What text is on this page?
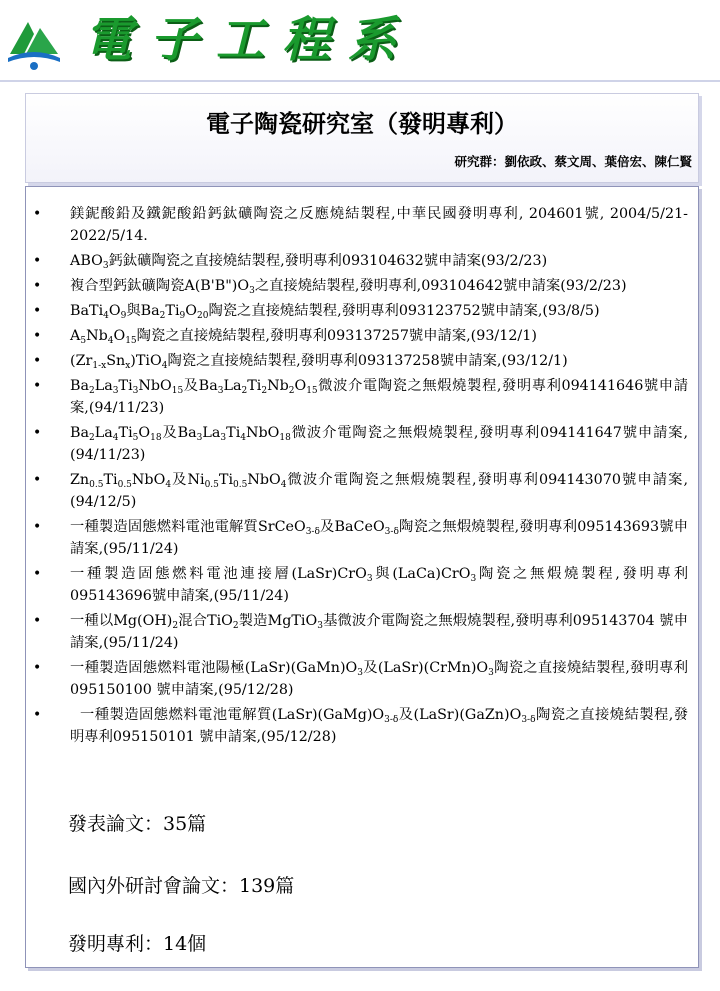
電子工程系
電子陶瓷研究室（發明專利）
研究群：劉依政、蔡文周、葉倍宏、陳仁賢
• 鎂鈮酸鉛及鐵鈮酸鉛鈣鈦礦陶瓷之反應燒結製程,中華民國發明專利, 204601號, 2004/5/21-2022/5/14.
• $ABO_3$鈣鈦礦陶瓷之直接燒結製程,發明專利093104632號申請案(93/2/23)
• 複合型鈣鈦礦陶瓷$A(B'B")O_3$之直接燒結製程,發明專利,093104642號申請案(93/2/23)
• $BaTi_4O_9$與$Ba_2Ti_9O_{20}$陶瓷之直接燒結製程,發明專利093123752號申請案,(93/8/5)
• $A_5Nb_4O_{15}$陶瓷之直接燒結製程,發明專利093137257號申請案,(93/12/1)
• $(Zr_{1-x}Sn_x)TiO_4$陶瓷之直接燒結製程,發明專利093137258號申請案,(93/12/1)
• $Ba_2La_3Ti_3NbO_{15}$及$Ba_3La_2Ti_2Nb_2O_{15}$微波介電陶瓷之無煆燒製程,發明專利094141646號申請案,(94/11/23)
• $Ba_2La_4Ti_5O_{18}$及$Ba_3La_3Ti_4NbO_{18}$微波介電陶瓷之無煆燒製程,發明專利094141647號申請案,(94/11/23)
• $Zn_{0.5}Ti_{0.5}NbO_4$及$Ni_{0.5}Ti_{0.5}NbO_4$微波介電陶瓷之無煆燒製程,發明專利094143070號申請案,(94/12/5)
• 一種製造固態燃料電池電解質SrCeO$_{3-\delta}$及BaCeO$_{3-\delta}$陶瓷之無煆燒製程,發明專利095143693號申請案,(95/11/24)
• 一種製造固態燃料電池連接層(LaSr)CrO$_3$與(LaCa)CrO$_3$陶瓷之無煆燒製程,發明專利095143696號申請案,(95/11/24)
• 一種以$Mg(OH)_2$混合TiO$_2$製造MgTiO$_3$基微波介電陶瓷之無煆燒製程,發明專利095143704 號申請案,(95/11/24)
• 一種製造固態燃料電池陽極$(LaSr)(GaMn)O_3$及$(LaSr)(CrMn)O_3$陶瓷之直接燒結製程,發明專利095150100 號申請案,(95/12/28)
•   一種製造固態燃料電池電解質$(LaSr)(GaMg)O_{3-\delta}$及$(LaSr)(GaZn)O_{3-\delta}$陶瓷之直接燒結製程,發明專利095150101 號申請案,(95/12/28)
發表論文：35篇
國內外研討會論文：139篇
發明專利：14個
